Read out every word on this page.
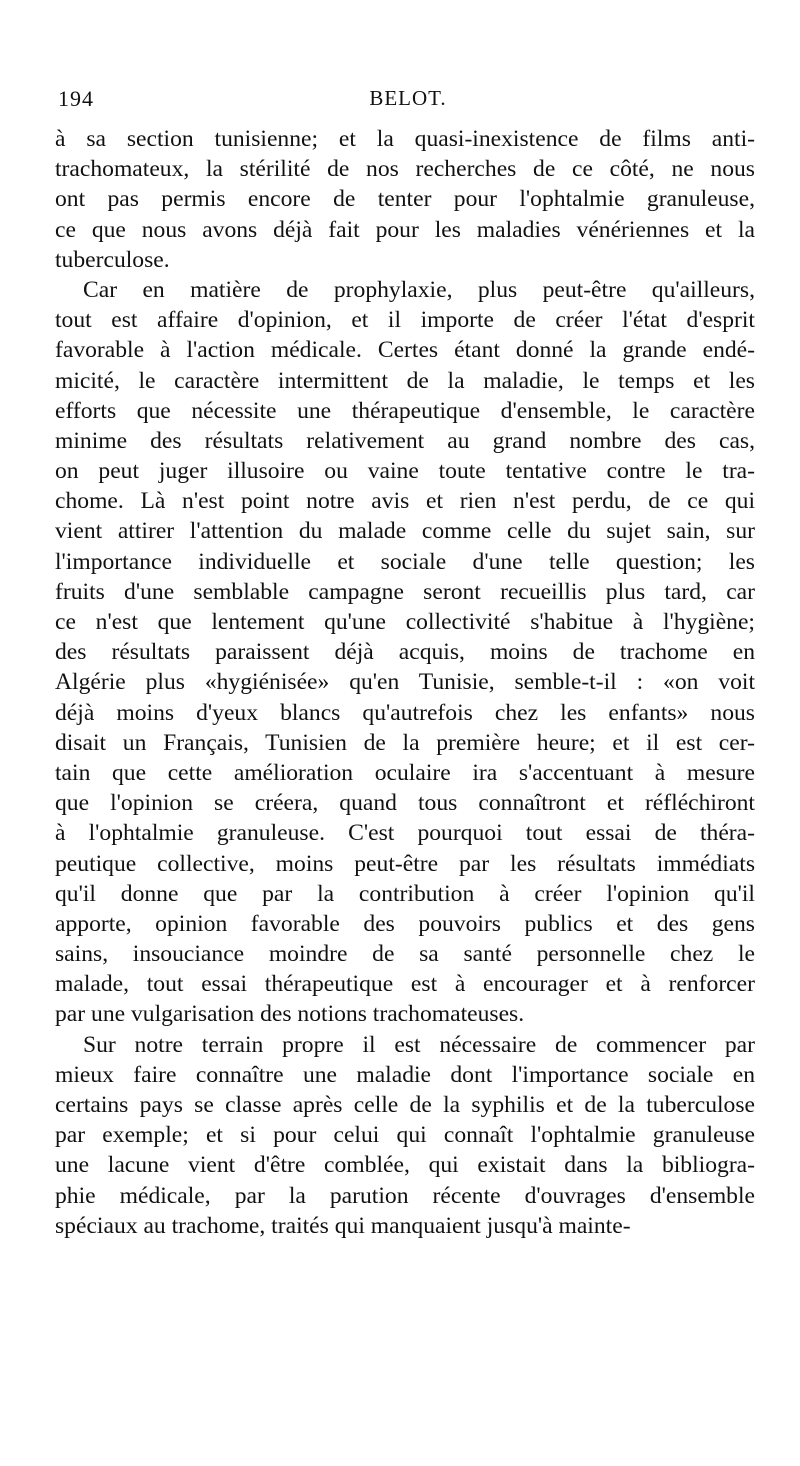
194	BELOT.
à sa section tunisienne; et la quasi-inexistence de films anti-
trachomateux, la stérilité de nos recherches de ce côté, ne nous
ont pas permis encore de tenter pour l'ophtalmie granuleuse,
ce que nous avons déjà fait pour les maladies vénériennes et la
tuberculose.
Car en matière de prophylaxie, plus peut-être qu'ailleurs,
tout est affaire d'opinion, et il importe de créer l'état d'esprit
favorable à l'action médicale. Certes étant donné la grande endé-
micité, le caractère intermittent de la maladie, le temps et les
efforts que nécessite une thérapeutique d'ensemble, le caractère
minime des résultats relativement au grand nombre des cas,
on peut juger illusoire ou vaine toute tentative contre le tra-
chome. Là n'est point notre avis et rien n'est perdu, de ce qui
vient attirer l'attention du malade comme celle du sujet sain, sur
l'importance individuelle et sociale d'une telle question; les
fruits d'une semblable campagne seront recueillis plus tard, car
ce n'est que lentement qu'une collectivité s'habitue à l'hygiène;
des résultats paraissent déjà acquis, moins de trachome en
Algérie plus «hygiénisée» qu'en Tunisie, semble-t-il : «on voit
déjà moins d'yeux blancs qu'autrefois chez les enfants» nous
disait un Français, Tunisien de la première heure; et il est cer-
tain que cette amélioration oculaire ira s'accentuant à mesure
que l'opinion se créera, quand tous connaîtront et réfléchiront
à l'ophtalmie granuleuse. C'est pourquoi tout essai de théra-
peutique collective, moins peut-être par les résultats immédiats
qu'il donne que par la contribution à créer l'opinion qu'il
apporte, opinion favorable des pouvoirs publics et des gens
sains, insouciance moindre de sa santé personnelle chez le
malade, tout essai thérapeutique est à encourager et à renforcer
par une vulgarisation des notions trachomateuses.
Sur notre terrain propre il est nécessaire de commencer par
mieux faire connaître une maladie dont l'importance sociale en
certains pays se classe après celle de la syphilis et de la tuberculose
par exemple; et si pour celui qui connaît l'ophtalmie granuleuse
une lacune vient d'être comblée, qui existait dans la bibliogra-
phie médicale, par la parution récente d'ouvrages d'ensemble
spéciaux au trachome, traités qui manquaient jusqu'à mainte-
